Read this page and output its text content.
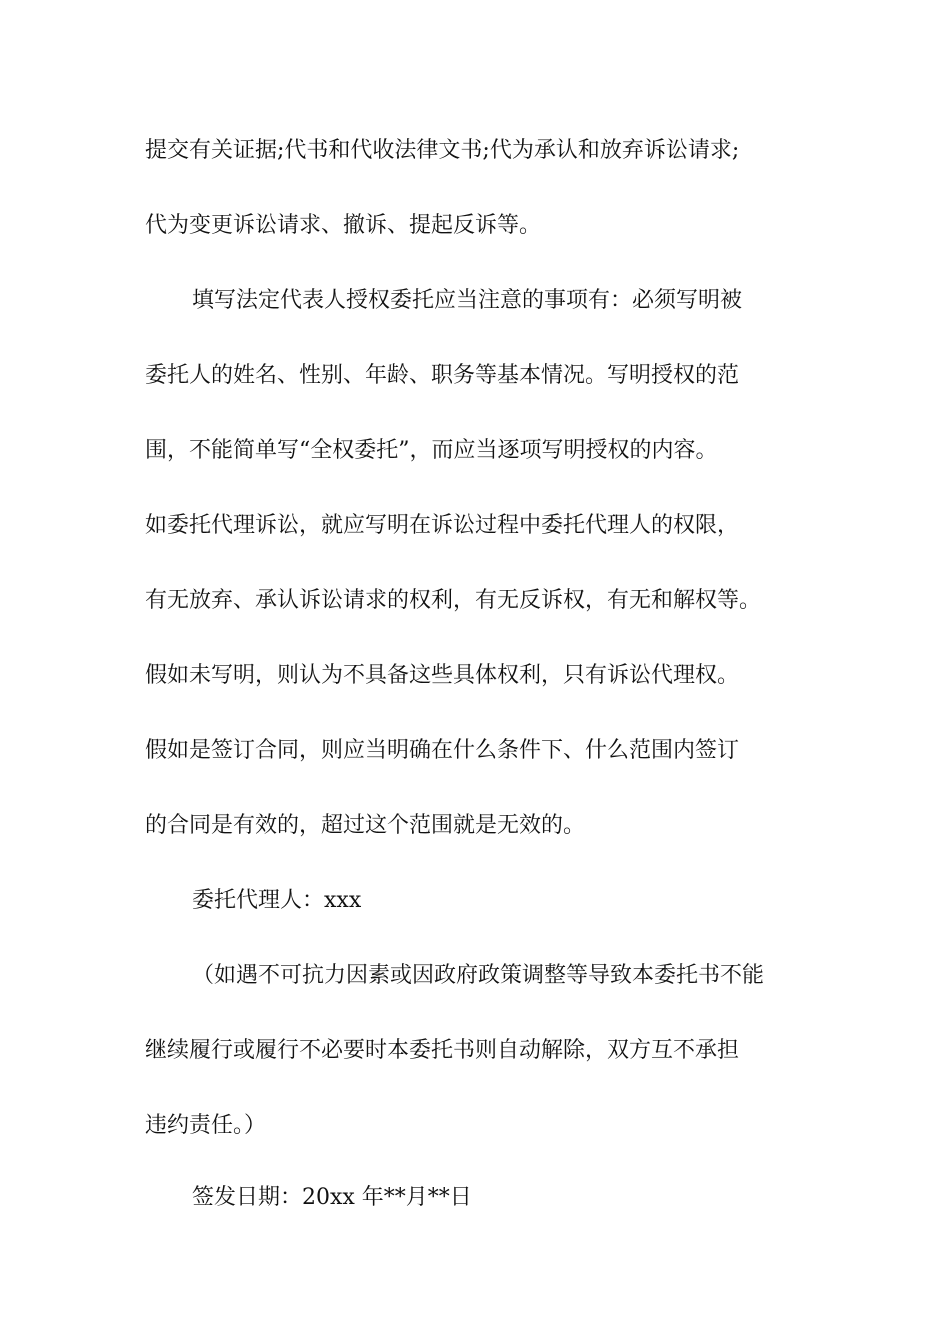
提交有关证据;代书和代收法律文书;代为承认和放弃诉讼请求;
代为变更诉讼请求、撤诉、提起反诉等。
填写法定代表人授权委托应当注意的事项有：必须写明被
委托人的姓名、性别、年龄、职务等基本情况。写明授权的范
围，不能简单写“全权委托”，而应当逐项写明授权的内容。
如委托代理诉讼，就应写明在诉讼过程中委托代理人的权限，
有无放弃、承认诉讼请求的权利，有无反诉权，有无和解权等。
假如未写明，则认为不具备这些具体权利，只有诉讼代理权。
假如是签订合同，则应当明确在什么条件下、什么范围内签订
的合同是有效的，超过这个范围就是无效的。
委托代理人：xxx
（如遇不可抗力因素或因政府政策调整等导致本委托书不能
继续履行或履行不必要时本委托书则自动解除，双方互不承担
违约责任。）
签发日期：20xx 年**月**日
